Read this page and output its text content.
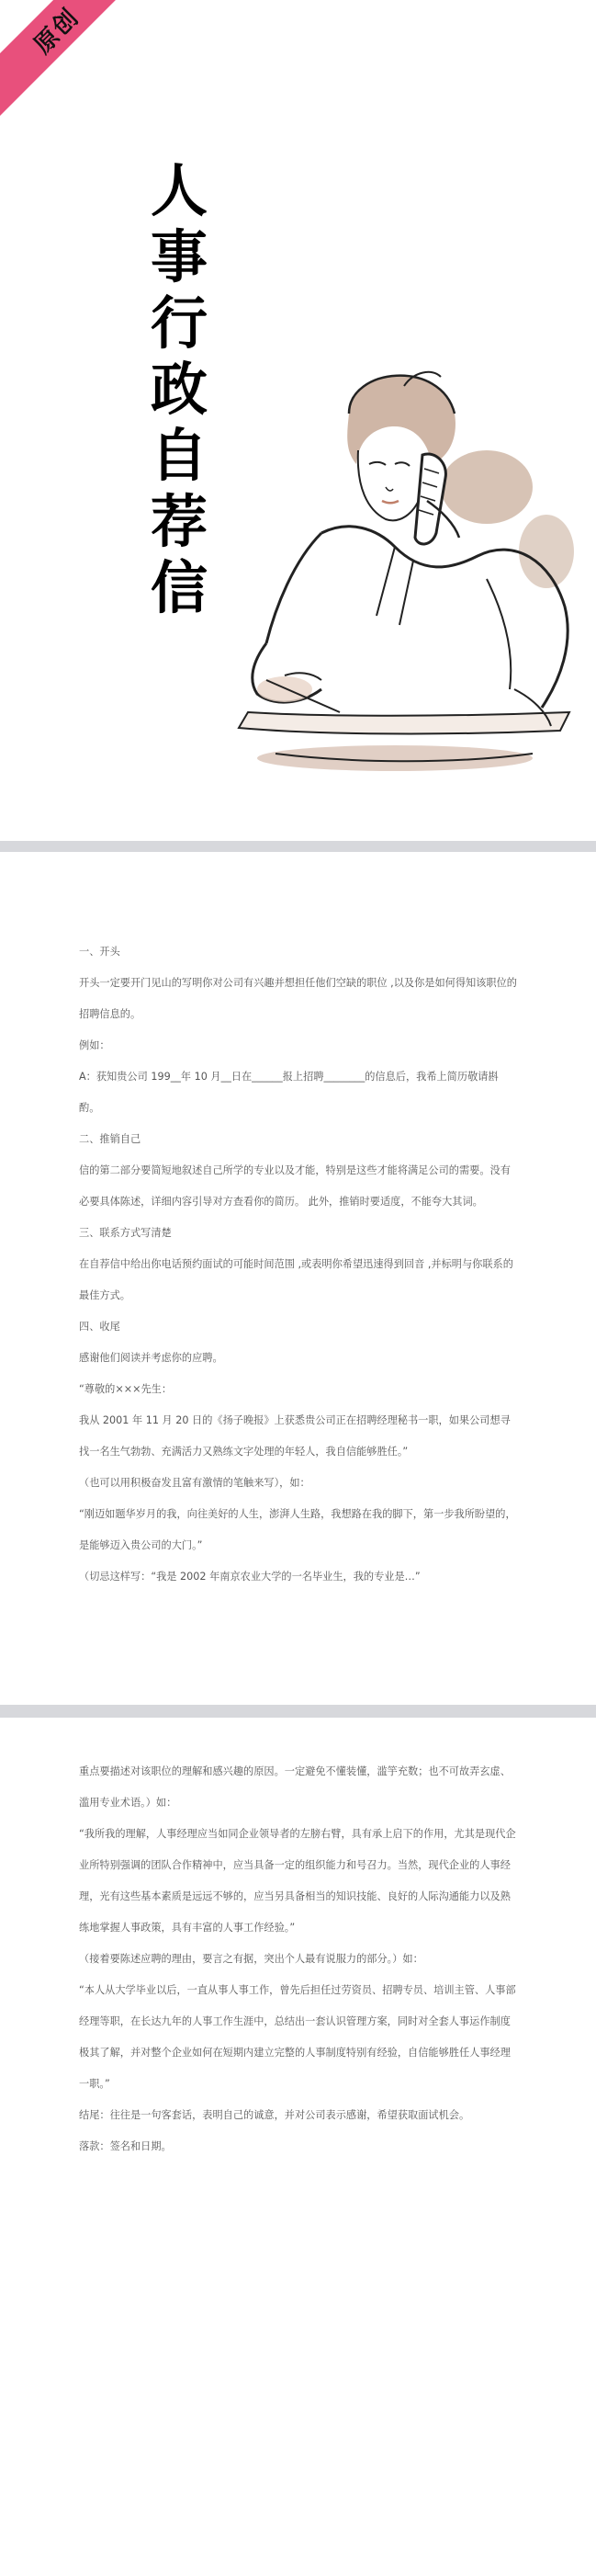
原创
人
事
行
政
自
荐
信

一、开头

开头一定要开门见山的写明你对公司有兴趣并想担任他们空缺的职位 ,以及你是如何得知该职位的招聘信息的。

例如：

A：获知贵公司 199__年 10 月__日在______报上招聘________的信息后，我希上简历敬请斟酌。

二、推销自己

信的第二部分要简短地叙述自己所学的专业以及才能，特别是这些才能将满足公司的需要。没有必要具体陈述，详细内容引导对方查看你的简历。 此外，推销时要适度，不能夸大其词。

三、联系方式写清楚

在自荐信中给出你电话预约面试的可能时间范围 ,或表明你希望迅速得到回音 ,并标明与你联系的最佳方式。

四、收尾

感谢他们阅读并考虑你的应聘。

“尊敬的×××先生：

我从 2001 年 11 月 20 日的《扬子晚报》上获悉贵公司正在招聘经理秘书一职，如果公司想寻找一名生气勃勃、充满活力又熟练文字处理的年轻人，我自信能够胜任。”

（也可以用积极奋发且富有激情的笔触来写），如：

“刚迈如题华岁月的我，向往美好的人生，澎湃人生路，我想路在我的脚下，第一步我所盼望的，是能够迈入贵公司的大门。”

（切忌这样写：“我是 2002 年南京农业大学的一名毕业生，我的专业是…”

重点要描述对该职位的理解和感兴趣的原因。一定避免不懂装懂，滥竽充数；也不可故弄玄虚、滥用专业术语。）如：

“我所我的理解，人事经理应当如同企业领导者的左膀右臂，具有承上启下的作用，尤其是现代企业所特别强调的团队合作精神中，应当具备一定的组织能力和号召力。当然，现代企业的人事经理，光有这些基本素质是远远不够的，应当另具备相当的知识技能、良好的人际沟通能力以及熟练地掌握人事政策，具有丰富的人事工作经验。”

（接着要陈述应聘的理由，要言之有据，突出个人最有说服力的部分。）如：

“本人从大学毕业以后，一直从事人事工作，曾先后担任过劳资员、招聘专员、培训主管、人事部经理等职，在长达九年的人事工作生涯中，总结出一套认识管理方案，同时对全套人事运作制度极其了解，并对整个企业如何在短期内建立完整的人事制度特别有经验，自信能够胜任人事经理一职。”

结尾：往往是一句客套话，表明自己的诚意，并对公司表示感谢，希望获取面试机会。

落款：签名和日期。
